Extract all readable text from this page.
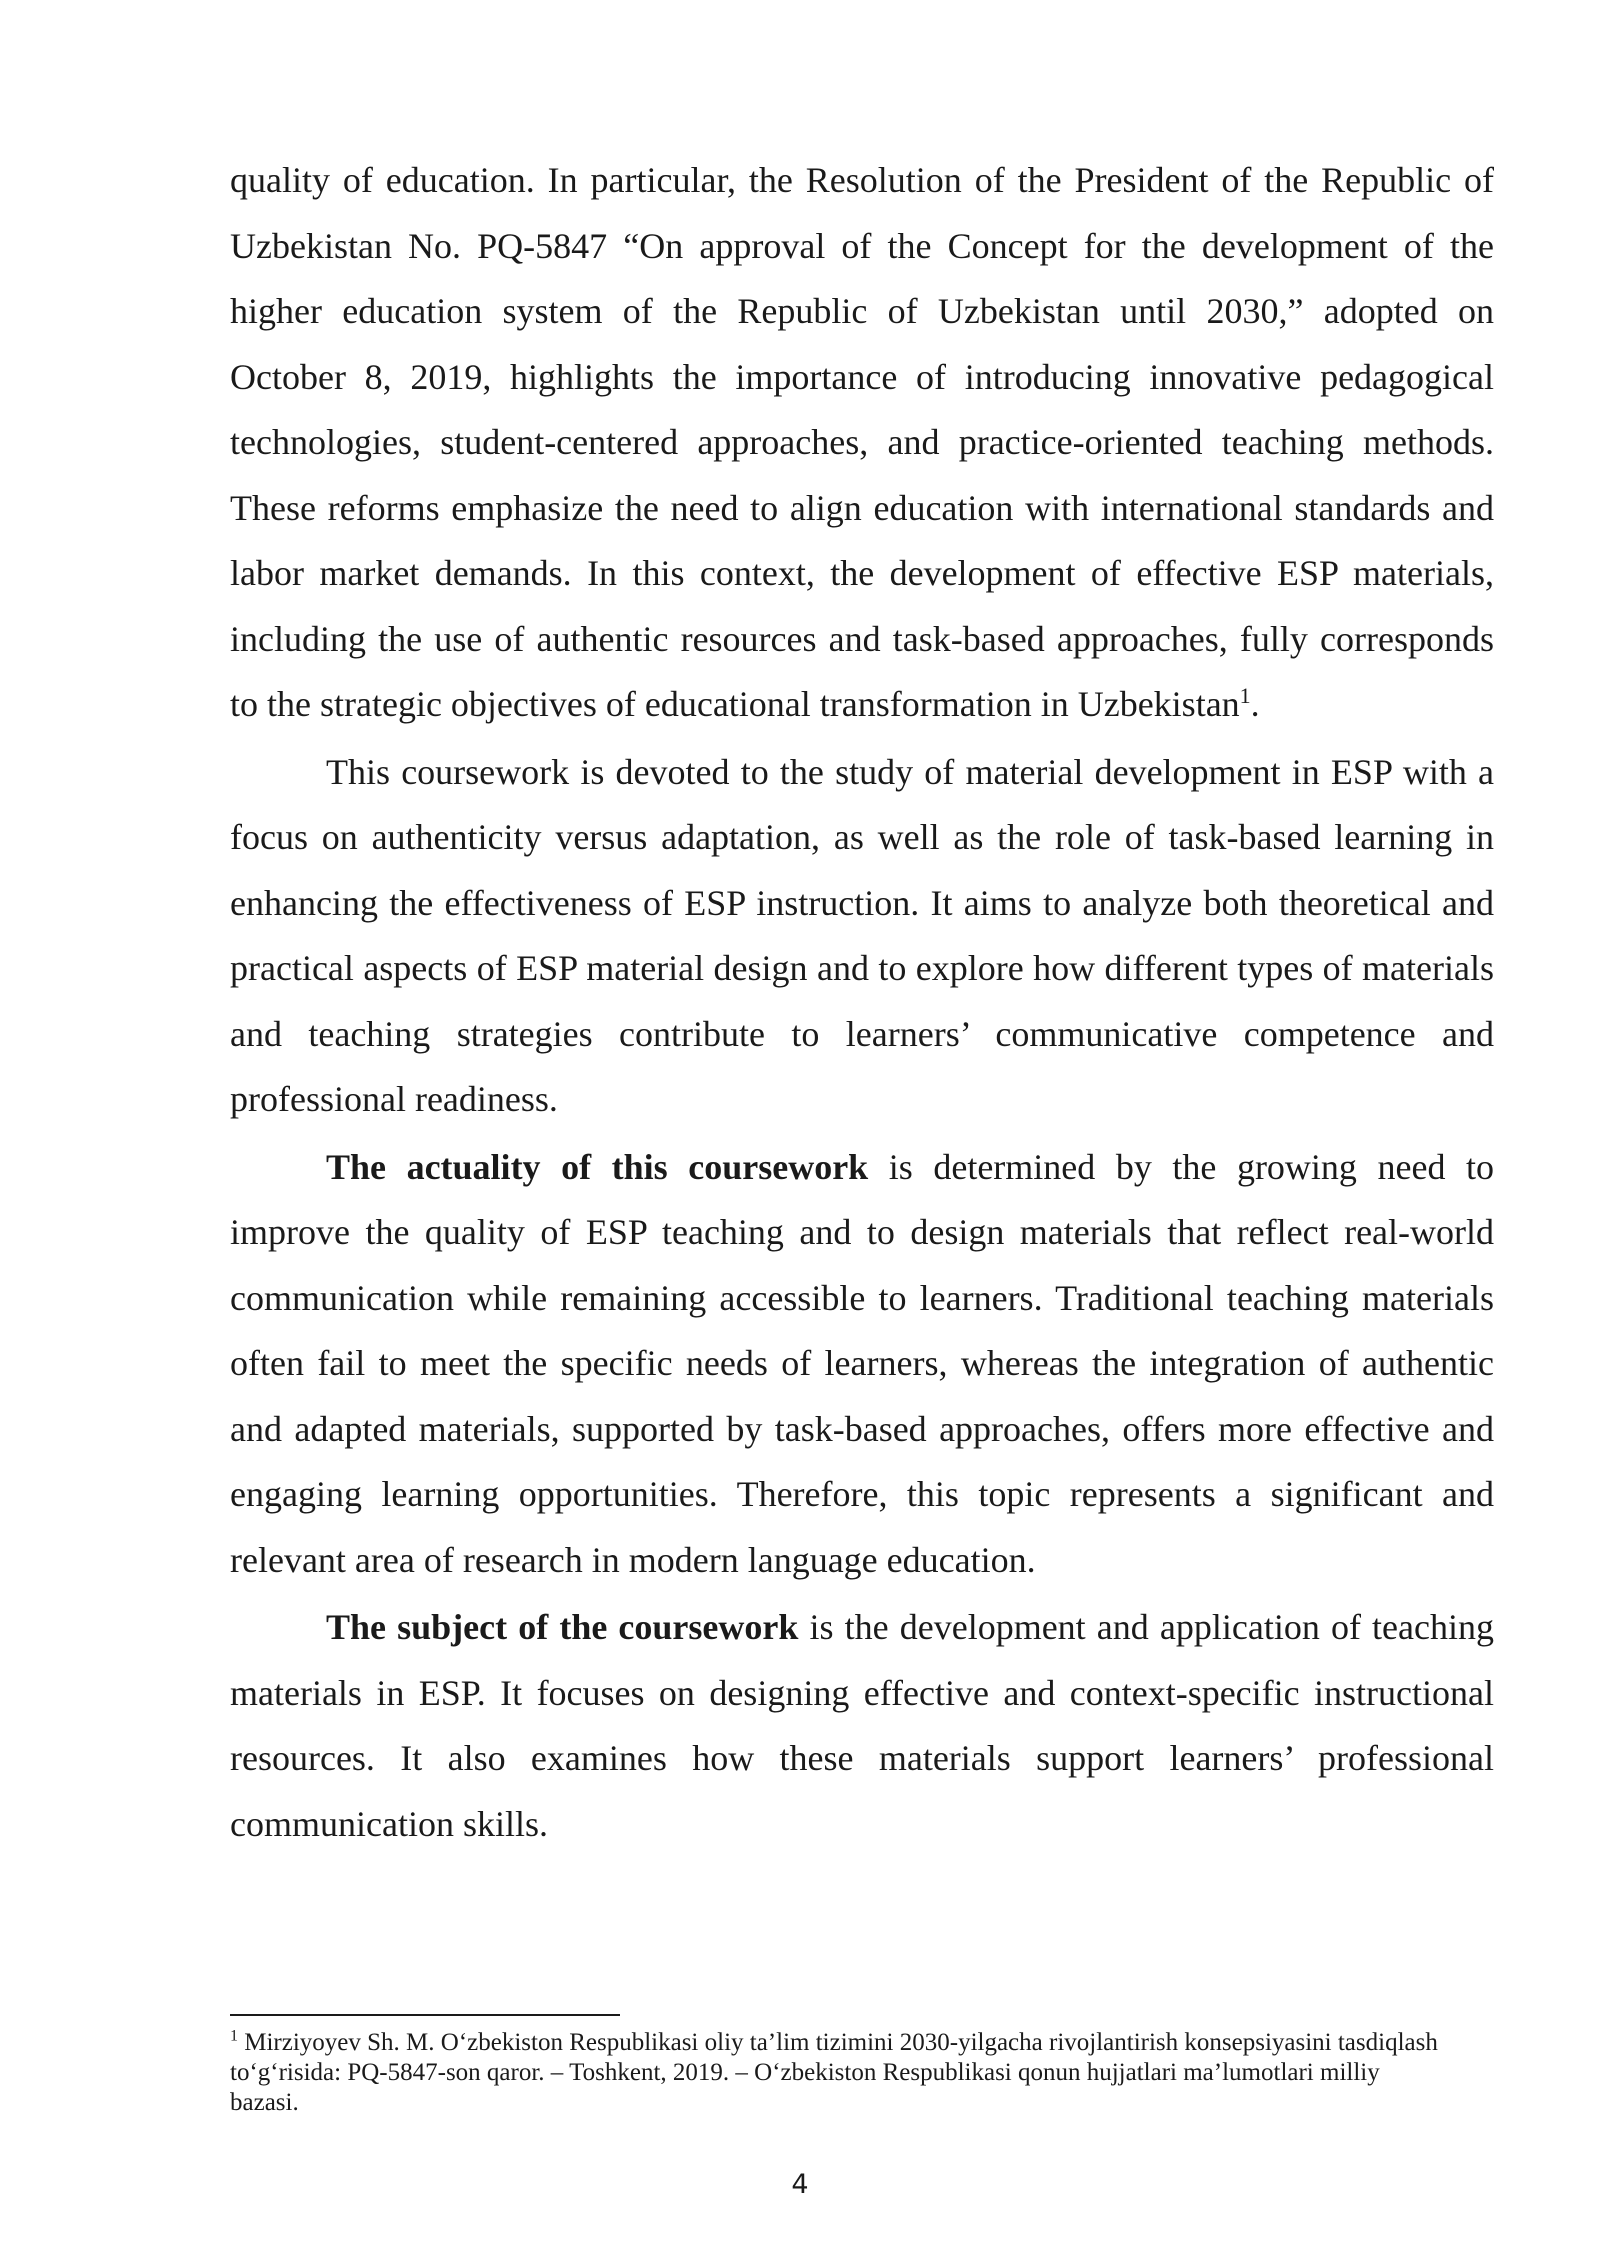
quality of education. In particular, the Resolution of the President of the Republic of Uzbekistan No. PQ-5847 “On approval of the Concept for the development of the higher education system of the Republic of Uzbekistan until 2030,” adopted on October 8, 2019, highlights the importance of introducing innovative pedagogical technologies, student-centered approaches, and practice-oriented teaching methods. These reforms emphasize the need to align education with international standards and labor market demands. In this context, the development of effective ESP materials, including the use of authentic resources and task-based approaches, fully corresponds to the strategic objectives of educational transformation in Uzbekistan$^1$.

This coursework is devoted to the study of material development in ESP with a focus on authenticity versus adaptation, as well as the role of task-based learning in enhancing the effectiveness of ESP instruction. It aims to analyze both theoretical and practical aspects of ESP material design and to explore how different types of materials and teaching strategies contribute to learners’ communicative competence and professional readiness.

The actuality of this coursework is determined by the growing need to improve the quality of ESP teaching and to design materials that reflect real-world communication while remaining accessible to learners. Traditional teaching materials often fail to meet the specific needs of learners, whereas the integration of authentic and adapted materials, supported by task-based approaches, offers more effective and engaging learning opportunities. Therefore, this topic represents a significant and relevant area of research in modern language education.

The subject of the coursework is the development and application of teaching materials in ESP. It focuses on designing effective and context-specific instructional resources. It also examines how these materials support learners’ professional communication skills.

$^1$ Mirziyoyev Sh. M. O‘zbekiston Respublikasi oliy ta’lim tizimini 2030-yilgacha rivojlantirish konsepsiyasini tasdiqlash to‘g‘risida: PQ-5847-son qaror. – Toshkent, 2019. – O‘zbekiston Respublikasi qonun hujjatlari ma’lumotlari milliy bazasi.
4
